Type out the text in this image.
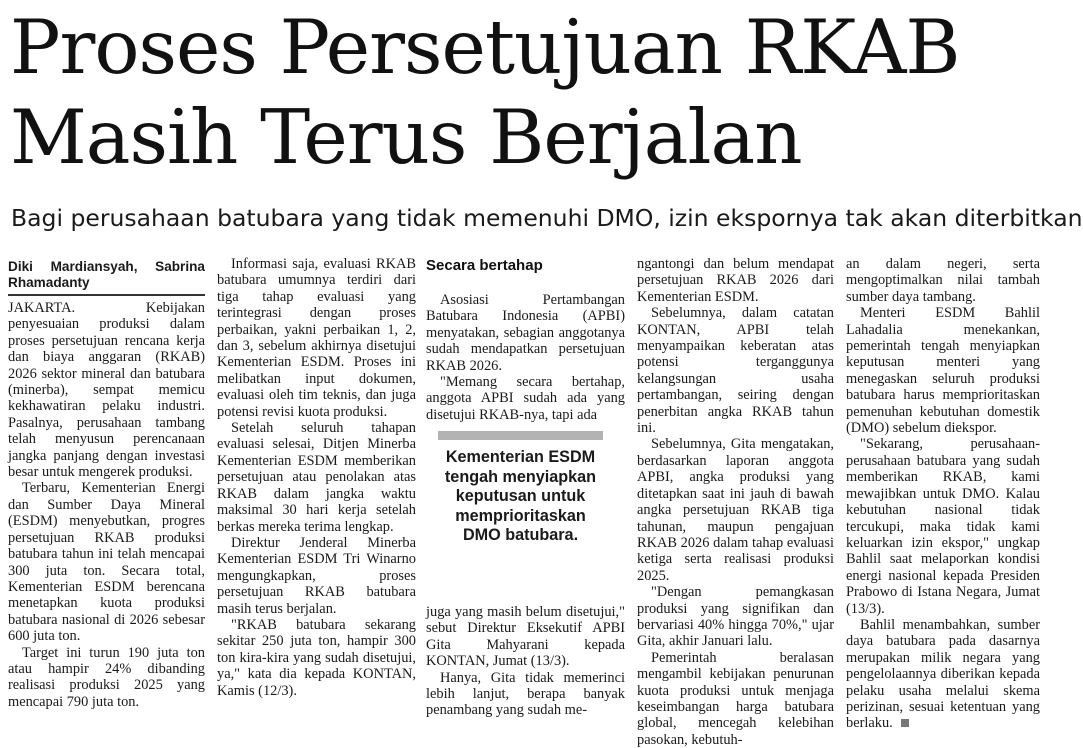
Proses Persetujuan RKAB Masih Terus Berjalan
Bagi perusahaan batubara yang tidak memenuhi DMO, izin ekspornya tak akan diterbitkan
Diki Mardiansyah, Sabrina Rhamadanty

JAKARTA. Kebijakan penyesuaian produksi dalam proses persetujuan rencana kerja dan biaya anggaran (RKAB) 2026 sektor mineral dan batubara (minerba), sempat memicu kekhawatiran pelaku industri. Pasalnya, perusahaan tambang telah menyusun perencanaan jangka panjang dengan investasi besar untuk mengerek produksi.

Terbaru, Kementerian Energi dan Sumber Daya Mineral (ESDM) menyebutkan, progres persetujuan RKAB produksi batubara tahun ini telah mencapai 300 juta ton. Secara total, Kementerian ESDM berencana menetapkan kuota produksi batubara nasional di 2026 sebesar 600 juta ton.

Target ini turun 190 juta ton atau hampir 24% dibanding realisasi produksi 2025 yang mencapai 790 juta ton.

Informasi saja, evaluasi RKAB batubara umumnya terdiri dari tiga tahap evaluasi yang terintegrasi dengan proses perbaikan, yakni perbaikan 1, 2, dan 3, sebelum akhirnya disetujui Kementerian ESDM. Proses ini melibatkan input dokumen, evaluasi oleh tim teknis, dan juga potensi revisi kuota produksi.

Setelah seluruh tahapan evaluasi selesai, Ditjen Minerba Kementerian ESDM memberikan persetujuan atau penolakan atas RKAB dalam jangka waktu maksimal 30 hari kerja setelah berkas mereka terima lengkap.

Direktur Jenderal Minerba Kementerian ESDM Tri Winarno mengungkapkan, proses persetujuan RKAB batubara masih terus berjalan.

"RKAB batubara sekarang sekitar 250 juta ton, hampir 300 ton kira-kira yang sudah disetujui, ya," kata dia kepada KONTAN, Kamis (12/3).

Secara bertahap

Asosiasi Pertambangan Batubara Indonesia (APBI) menyatakan, sebagian anggotanya sudah mendapatkan persetujuan RKAB 2026.

"Memang secara bertahap, anggota APBI sudah ada yang disetujui RKAB-nya, tapi ada

Kementerian ESDM tengah menyiapkan keputusan untuk memprioritaskan DMO batubara.

juga yang masih belum disetujui," sebut Direktur Eksekutif APBI Gita Mahyarani kepada KONTAN, Jumat (13/3).

Hanya, Gita tidak memerinci lebih lanjut, berapa banyak penambang yang sudah me-

ngantongi dan belum mendapat persetujuan RKAB 2026 dari Kementerian ESDM.

Sebelumnya, dalam catatan KONTAN, APBI telah menyampaikan keberatan atas potensi terganggunya kelangsungan usaha pertambangan, seiring dengan penerbitan angka RKAB tahun ini.

Sebelumnya, Gita mengatakan, berdasarkan laporan anggota APBI, angka produksi yang ditetapkan saat ini jauh di bawah angka persetujuan RKAB tiga tahunan, maupun pengajuan RKAB 2026 dalam tahap evaluasi ketiga serta realisasi produksi 2025.

"Dengan pemangkasan produksi yang signifikan dan bervariasi 40% hingga 70%," ujar Gita, akhir Januari lalu.

Pemerintah beralasan mengambil kebijakan penurunan kuota produksi untuk menjaga keseimbangan harga batubara global, mencegah kelebihan pasokan, kebutuh-

an dalam negeri, serta mengoptimalkan nilai tambah sumber daya tambang.

Menteri ESDM Bahlil Lahadalia menekankan, pemerintah tengah menyiapkan keputusan menteri yang menegaskan seluruh produksi batubara harus memprioritaskan pemenuhan kebutuhan domestik (DMO) sebelum diekspor.

"Sekarang, perusahaan-perusahaan batubara yang sudah memberikan RKAB, kami mewajibkan untuk DMO. Kalau kebutuhan nasional tidak tercukupi, maka tidak kami keluarkan izin ekspor," ungkap Bahlil saat melaporkan kondisi energi nasional kepada Presiden Prabowo di Istana Negara, Jumat (13/3).

Bahlil menambahkan, sumber daya batubara pada dasarnya merupakan milik negara yang pengelolaannya diberikan kepada pelaku usaha melalui skema perizinan, sesuai ketentuan yang berlaku.
